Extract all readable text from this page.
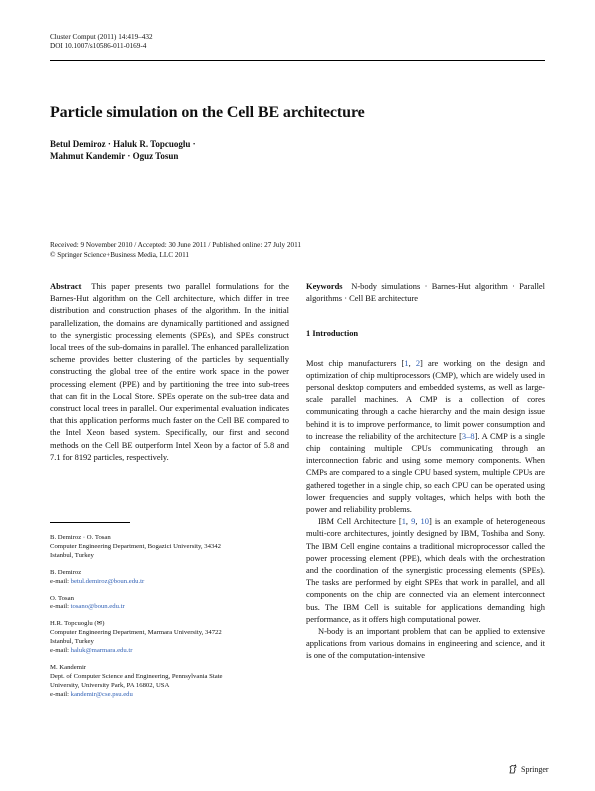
Cluster Comput (2011) 14:419–432
DOI 10.1007/s10586-011-0169-4
Particle simulation on the Cell BE architecture
Betul Demiroz · Haluk R. Topcuoglu ·
Mahmut Kandemir · Oguz Tosun
Received: 9 November 2010 / Accepted: 30 June 2011 / Published online: 27 July 2011
© Springer Science+Business Media, LLC 2011

Abstract This paper presents two parallel formulations for the Barnes-Hut algorithm on the Cell architecture, which differ in tree distribution and construction phases of the algorithm. In the initial parallelization, the domains are dynamically partitioned and assigned to the synergistic processing elements (SPEs), and SPEs construct local trees of the sub-domains in parallel. The enhanced parallelization scheme provides better clustering of the particles by sequentially constructing the global tree of the entire work space in the power processing element (PPE) and by partitioning the tree into sub-trees that can fit in the Local Store. SPEs operate on the sub-tree data and construct local trees in parallel. Our experimental evaluation indicates that this application performs much faster on the Cell BE compared to the Intel Xeon based system. Specifically, our first and second methods on the Cell BE outperform Intel Xeon by a factor of 5.8 and 7.1 for 8192 particles, respectively.

B. Demiroz · O. Tosan
Computer Engineering Department, Bogazici University, 34342
Istanbul, Turkey
B. Demiroz
e-mail: betul.demiroz@boun.edu.tr
O. Tosan
e-mail: tosano@boun.edu.tr
H.R. Topcuoglu (✉)
Computer Engineering Department, Marmara University, 34722
Istanbul, Turkey
e-mail: haluk@marmara.edu.tr
M. Kandemir
Dept. of Computer Science and Engineering, Pennsylvania State
University, University Park, PA 16802, USA
e-mail: kandemir@cse.psu.edu

Keywords N-body simulations · Barnes-Hut algorithm · Parallel algorithms · Cell BE architecture

1 Introduction

Most chip manufacturers [1, 2] are working on the design and optimization of chip multiprocessors (CMP), which are widely used in personal desktop computers and embedded systems, as well as large-scale parallel machines. A CMP is a collection of cores communicating through a cache hierarchy and the main design issue behind it is to improve performance, to limit power consumption and to increase the reliability of the architecture [3–8]. A CMP is a single chip containing multiple CPUs communicating through an interconnection fabric and using some memory components. When CMPs are compared to a single CPU based system, multiple CPUs are gathered together in a single chip, so each CPU can be operated using lower frequencies and supply voltages, which helps with both the power and reliability problems.

IBM Cell Architecture [1, 9, 10] is an example of heterogeneous multi-core architectures, jointly designed by IBM, Toshiba and Sony. The IBM Cell engine contains a traditional microprocessor called the power processing element (PPE), which deals with the orchestration and the coordination of the synergistic processing elements (SPEs). The tasks are performed by eight SPEs that work in parallel, and all components on the chip are connected via an element interconnect bus. The IBM Cell is suitable for applications demanding high performance, as it offers high computational power.

N-body is an important problem that can be applied to extensive applications from various domains in engineering and science, and it is one of the computation-intensive

Springer
